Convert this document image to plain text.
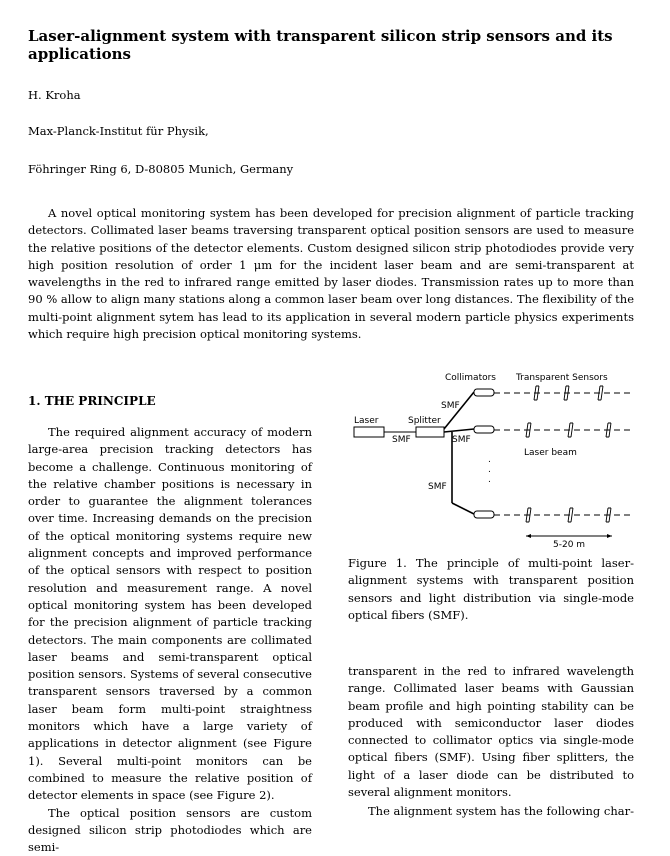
Laser-alignment system with transparent silicon strip sensors and its applications
H. Kroha
Max-Planck-Institut für Physik,
Föhringer Ring 6, D-80805 Munich, Germany
A novel optical monitoring system has been developed for precision alignment of particle tracking detectors. Collimated laser beams traversing transparent optical position sensors are used to measure the relative positions of the detector elements. Custom designed silicon strip photodiodes provide very high position resolution of order 1 μm for the incident laser beam and are semi-transparent at wavelengths in the red to infrared range emitted by laser diodes. Transmission rates up to more than 90 % allow to align many stations along a common laser beam over long distances. The flexibility of the multi-point alignment sytem has lead to its application in several modern particle physics experiments which require high precision optical monitoring systems.
1. THE PRINCIPLE

The required alignment accuracy of modern large-area precision tracking detectors has become a challenge. Continuous monitoring of the relative chamber positions is necessary in order to guarantee the alignment tolerances over time. Increasing demands on the precision of the optical monitoring systems require new alignment concepts and improved performance of the optical sensors with respect to position resolution and measurement range. A novel optical monitoring system has been developed for the precision alignment of particle tracking detectors. The main components are collimated laser beams and semi-transparent optical position sensors. Systems of several consecutive transparent sensors traversed by a common laser beam form multi-point straightness monitors which have a large variety of applications in detector alignment (see Figure 1). Several multi-point monitors can be combined to measure the relative position of detector elements in space (see Figure 2).

The optical position sensors are custom designed silicon strip photodiodes which are semi-

Collimators Transparent Sensors
Laser	Splitter
SMF
SMF	SMF
SMF
Laser beam
5-20 m
.
.
.
Figure 1. The principle of multi-point laser-alignment systems with transparent position sensors and light distribution via single-mode optical fibers (SMF).

transparent in the red to infrared wavelength range. Collimated laser beams with Gaussian beam profile and high pointing stability can be produced with semiconductor laser diodes connected to collimator optics via single-mode optical fibers (SMF). Using fiber splitters, the light of a laser diode can be distributed to several alignment monitors.

The alignment system has the following char-
